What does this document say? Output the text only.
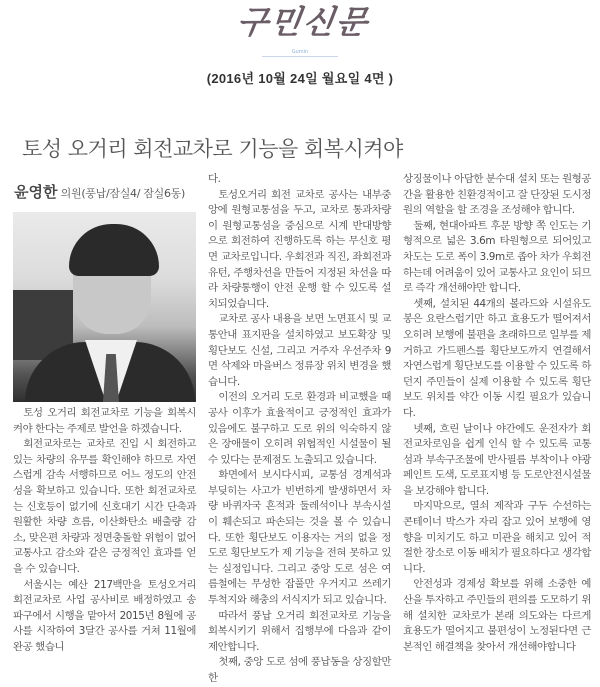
구민신문
Gumin
(2016년 10월 24일 월요일 4면 )
토성 오거리 회전교차로 기능을 회복시켜야
윤영한 의원(풍납/잠실4/ 잠실6동)

토성 오거리 회전교차로 기능을 회복시켜야 한다는 주제로 발언을 하겠습니다.

회전교차로는 교차로 진입 시 회전하고 있는 차량의 유무를 확인해야 하므로 자연스럽게 감속 서행하므로 어느 정도의 안전성을 확보하고 있습니다. 또한 회전교차로는 신호등이 없기에 신호대기 시간 단축과 원활한 차량 흐름, 이산화탄소 배출량 감소, 맞은편 차량과 정면충돌할 위험이 없어 교통사고 감소와 같은 긍정적인 효과를 얻을 수 있습니다.

서울시는 예산 217백만을 토성오거리 회전교차로 사업 공사비로 배정하였고 송파구에서 시행을 맡아서 2015년 8월에 공사를 시작하여 3달간 공사를 거쳐 11월에 완공 했습니

다.

토성오거리 회전 교차로 공사는 내부중앙에 원형교통섬을 두고, 교차로 통과차량이 원형교통섬을 중심으로 시계 반대방향으로 회전하여 진행하도록 하는 무신호 평면 교차로입니다. 우회전과 직진, 좌회전과 유턴, 주행차선을 만들어 지정된 차선을 따라 차량통행이 안전 운행 할 수 있도록 설치되었습니다.

교차로 공사 내용을 보면 노면표시 및 교통안내 표지판을 설치하였고 보도확장 및 횡단보도 신설, 그리고 거주자 우선주차 9면 삭제와 마을버스 정류장 위치 변경을 했습니다.

이전의 오거리 도로 환경과 비교했을 때 공사 이후가 효율적이고 긍정적인 효과가 있음에도 불구하고 도로 위의 익숙하지 않은 장애물이 오히려 위협적인 시설물이 될 수 있다는 문제점도 노출되고 있습니다.

화면에서 보시다시피, 교통섬 경계석과 부딪히는 사고가 빈번하게 발생하면서 차량 바퀴자국 흔적과 둘레석이나 부속시설이 훼손되고 파손되는 것을 볼 수 있습니다. 또한 횡단보도 이용자는 거의 없을 정도로 횡단보도가 제 기능을 전혀 못하고 있는 실정입니다. 그리고 중앙 도로 섬은 여름철에는 무성한 잡풀만 우거지고 쓰레기 투척지와 해충의 서식지가 되고 있습니다.

따라서 풍납 오거리 회전교차로 기능을 회복시키기 위해서 집행부에 다음과 같이 제안합니다.

첫째, 중앙 도로 섬에 풍납동을 상징할만한

상징물이나 아담한 분수대 설치 또는 원형공간을 활용한 친환경적이고 잘 단장된 도시정원의 역할을 할 조경을 조성해야 합니다.

둘째, 현대아파트 후문 방향 쪽 인도는 기형적으로 넓은 3.6m 타원형으로 되어있고 차도는 도로 폭이 3.9m로 좁아 차가 우회전하는데 어려움이 있어 교통사고 요인이 되므로 즉각 개선해야만 합니다.

셋째, 설치된 44개의 볼라드와 시설유도봉은 요란스럽기만 하고 효용도가 떨어져서 오히려 보행에 불편을 초래하므로 일부를 제거하고 가드펜스를 횡단보도까지 연결해서 자연스럽게 횡단보도를 이용할 수 있도록 하던지 주민들이 실제 이용할 수 있도록 횡단보도 위치를 약간 이동 시킬 필요가 있습니다.

넷째, 흐린 날이나 야간에도 운전자가 회전교차로임을 쉽게 인식 할 수 있도록 교통섬과 부속구조물에 반사필름 부착이나 야광페인트 도색, 도로표지병 등 도로안전시설물을 보강해야 합니다.

마지막으로, 열쇠 제작과 구두 수선하는 콘테이너 박스가 자리 잡고 있어 보행에 영향을 미치기도 하고 미관을 해치고 있어 적절한 장소로 이동 배치가 필요하다고 생각합니다.

안전성과 경제성 확보를 위해 소중한 예산을 투자하고 주민들의 편의를 도모하기 위해 설치한 교차로가 본래 의도와는 다르게 효용도가 떨어지고 불편성이 노정된다면 근본적인 해결책을 찾아서 개선해야합니다
